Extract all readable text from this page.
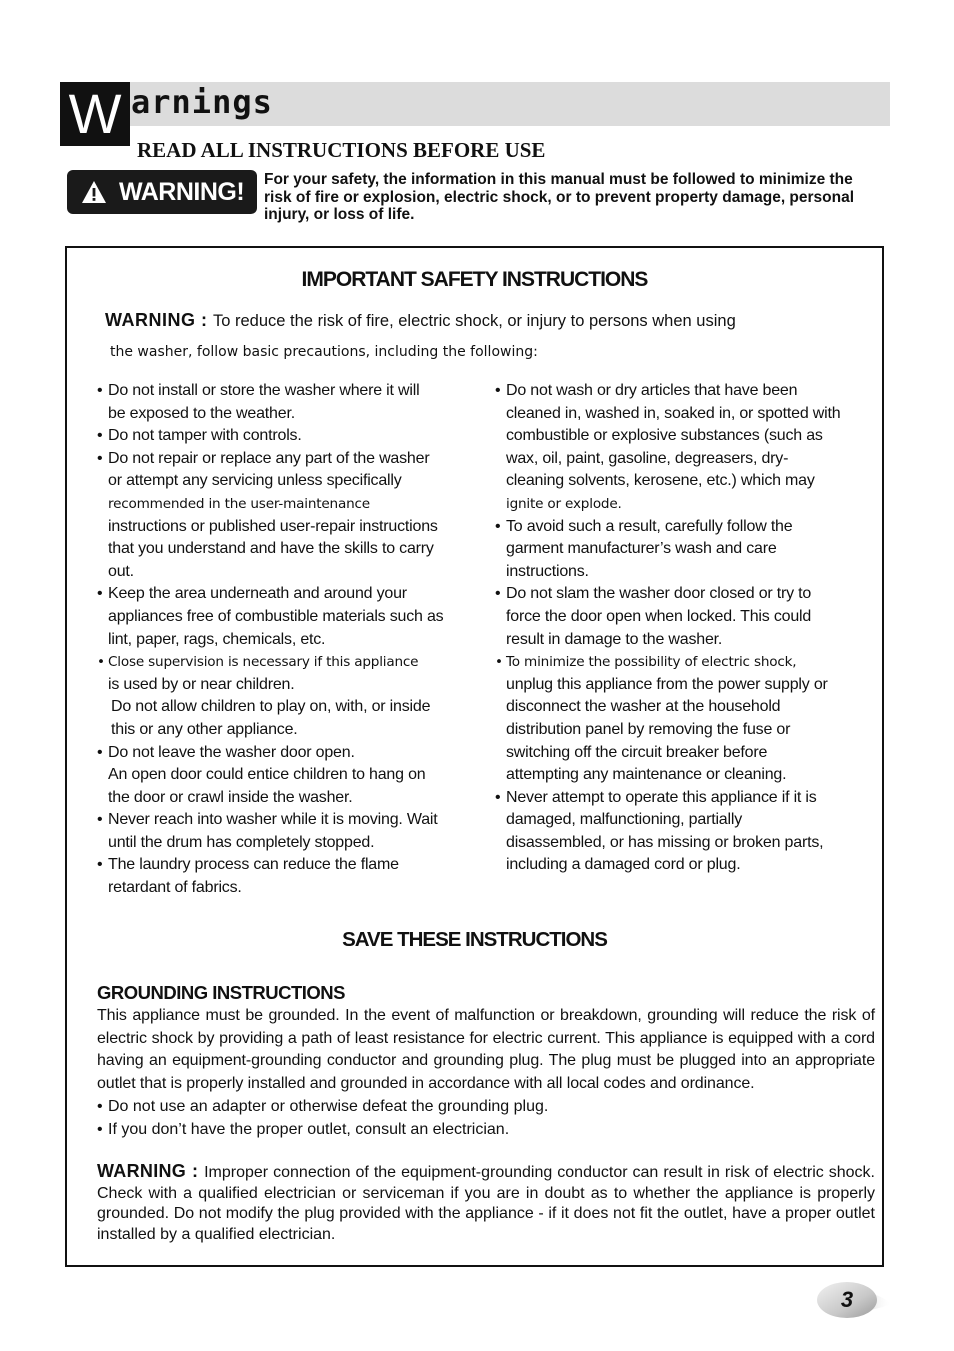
W arnings
READ ALL INSTRUCTIONS BEFORE USE
WARNING! For your safety, the information in this manual must be followed to minimize the risk of fire or explosion, electric shock, or to prevent property damage, personal injury, or loss of life.
IMPORTANT SAFETY INSTRUCTIONS
WARNING : To reduce the risk of fire, electric shock, or injury to persons when using
the washer, follow basic precautions, including the following:
• Do not install or store the washer where it will
be exposed to the weather.
• Do not tamper with controls.
• Do not repair or replace any part of the washer
or attempt any servicing unless specifically
recommended in the user-maintenance
instructions or published user-repair instructions
that you understand and have the skills to carry
out.
• Keep the area underneath and around your
appliances free of combustible materials such as
lint, paper, rags, chemicals, etc.
• Close supervision is necessary if this appliance
is used by or near children.
Do not allow children to play on, with, or inside
this or any other appliance.
• Do not leave the washer door open.
An open door could entice children to hang on
the door or crawl inside the washer.
• Never reach into washer while it is moving. Wait
until the drum has completely stopped.
• The laundry process can reduce the flame
retardant of fabrics.
• Do not wash or dry articles that have been
cleaned in, washed in, soaked in, or spotted with
combustible or explosive substances (such as
wax, oil, paint, gasoline, degreasers, dry-
cleaning solvents, kerosene, etc.) which may
ignite or explode.
• To avoid such a result, carefully follow the
garment manufacturer’s wash and care
instructions.
• Do not slam the washer door closed or try to
force the door open when locked. This could
result in damage to the washer.
• To minimize the possibility of electric shock,
unplug this appliance from the power supply or
disconnect the washer at the household
distribution panel by removing the fuse or
switching off the circuit breaker before
attempting any maintenance or cleaning.
• Never attempt to operate this appliance if it is
damaged, malfunctioning, partially
disassembled, or has missing or broken parts,
including a damaged cord or plug.
SAVE THESE INSTRUCTIONS
GROUNDING INSTRUCTIONS
This appliance must be grounded. In the event of malfunction or breakdown, grounding will reduce the risk of electric shock by providing a path of least resistance for electric current. This appliance is equipped with a cord having an equipment-grounding conductor and grounding plug. The plug must be plugged into an appropriate outlet that is properly installed and grounded in accordance with all local codes and ordinance.
• Do not use an adapter or otherwise defeat the grounding plug.
• If you don’t have the proper outlet, consult an electrician.
WARNING : Improper connection of the equipment-grounding conductor can result in risk of electric shock. Check with a qualified electrician or serviceman if you are in doubt as to whether the appliance is properly grounded. Do not modify the plug provided with the appliance - if it does not fit the outlet, have a proper outlet installed by a qualified electrician.
3
